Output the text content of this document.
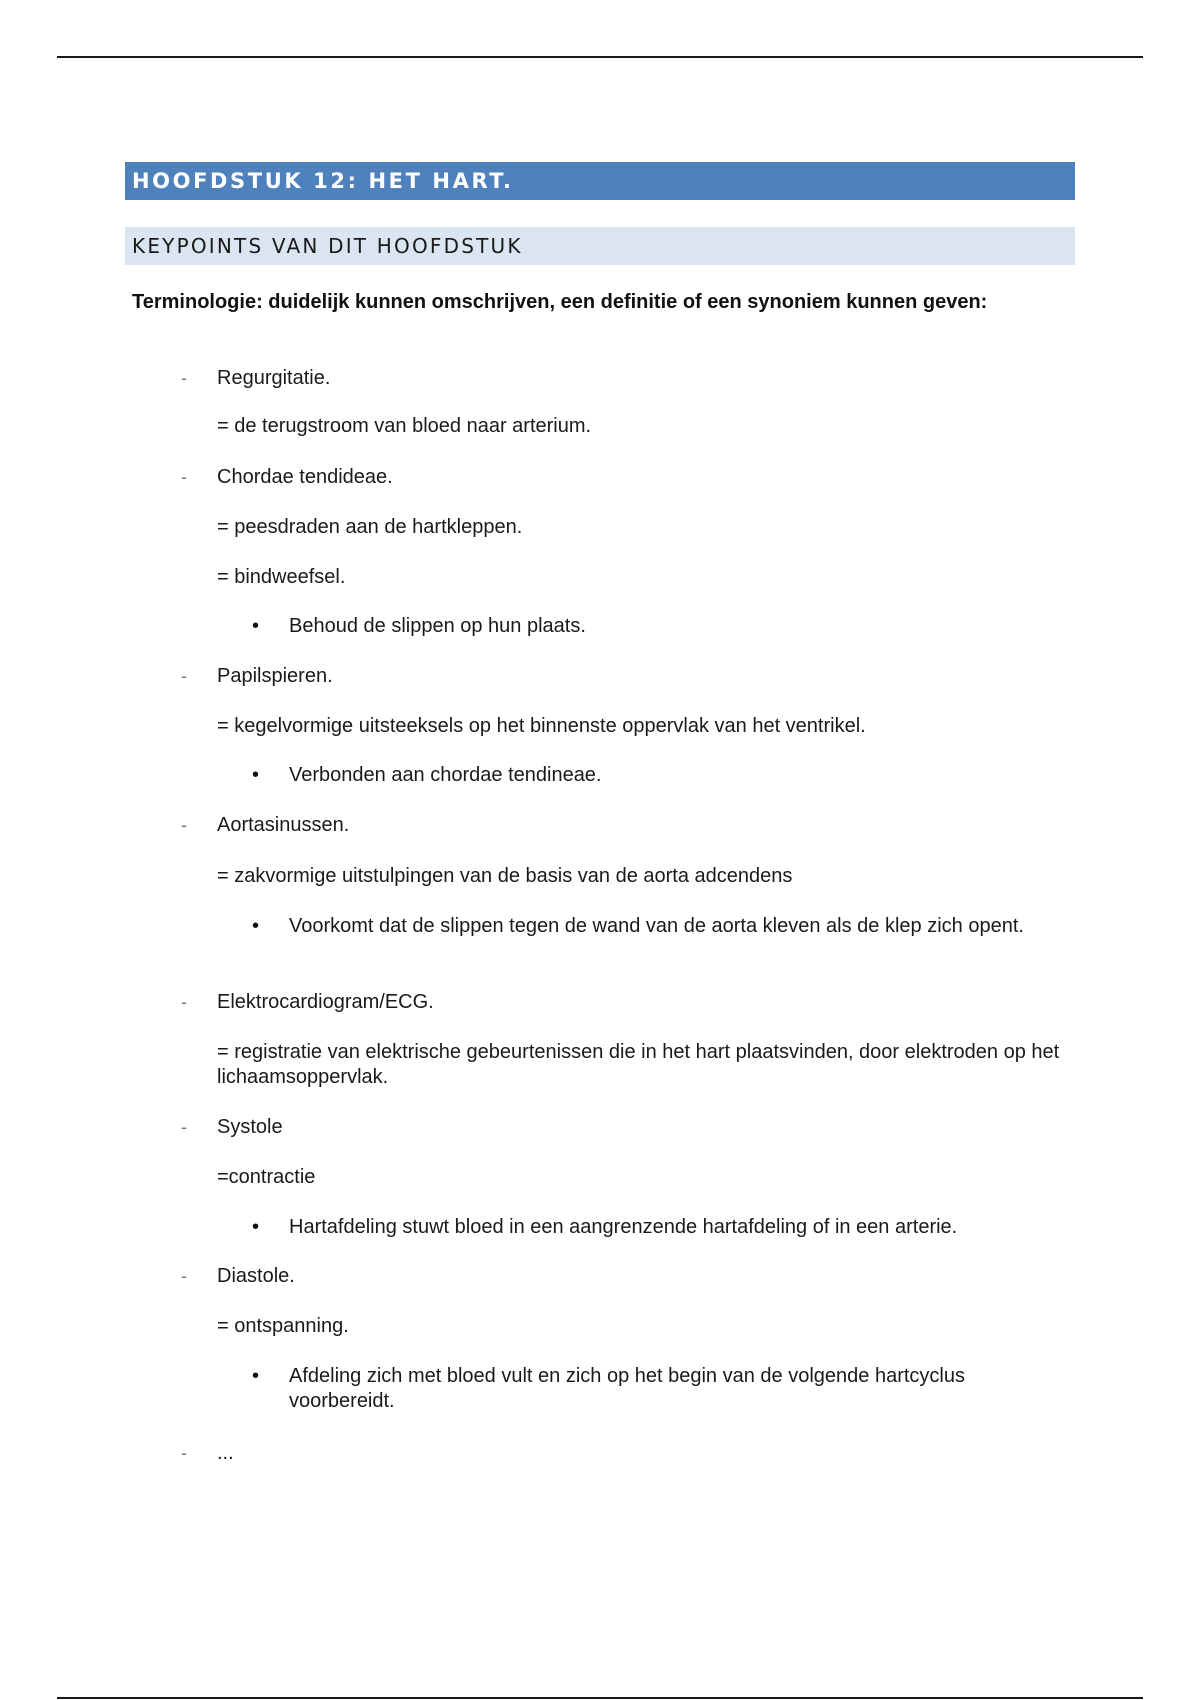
HOOFDSTUK 12: HET HART.
KEYPOINTS VAN DIT HOOFDSTUK
Terminologie: duidelijk kunnen omschrijven, een definitie of een synoniem kunnen geven:
- Regurgitatie.
= de terugstroom van bloed naar arterium.
- Chordae tendideae.
= peesdraden aan de hartkleppen.
= bindweefsel.
• Behoud de slippen op hun plaats.
- Papilspieren.
= kegelvormige uitsteeksels op het binnenste oppervlak van het ventrikel.
• Verbonden aan chordae tendineae.
- Aortasinussen.
= zakvormige uitstulpingen van de basis van de aorta adcendens
• Voorkomt dat de slippen tegen de wand van de aorta kleven als de klep zich opent.
- Elektrocardiogram/ECG.
= registratie van elektrische gebeurtenissen die in het hart plaatsvinden, door elektroden op het lichaamsoppervlak.
- Systole
=contractie
• Hartafdeling stuwt bloed in een aangrenzende hartafdeling of in een arterie.
- Diastole.
= ontspanning.
• Afdeling zich met bloed vult en zich op het begin van de volgende hartcyclus voorbereidt.
- ...
